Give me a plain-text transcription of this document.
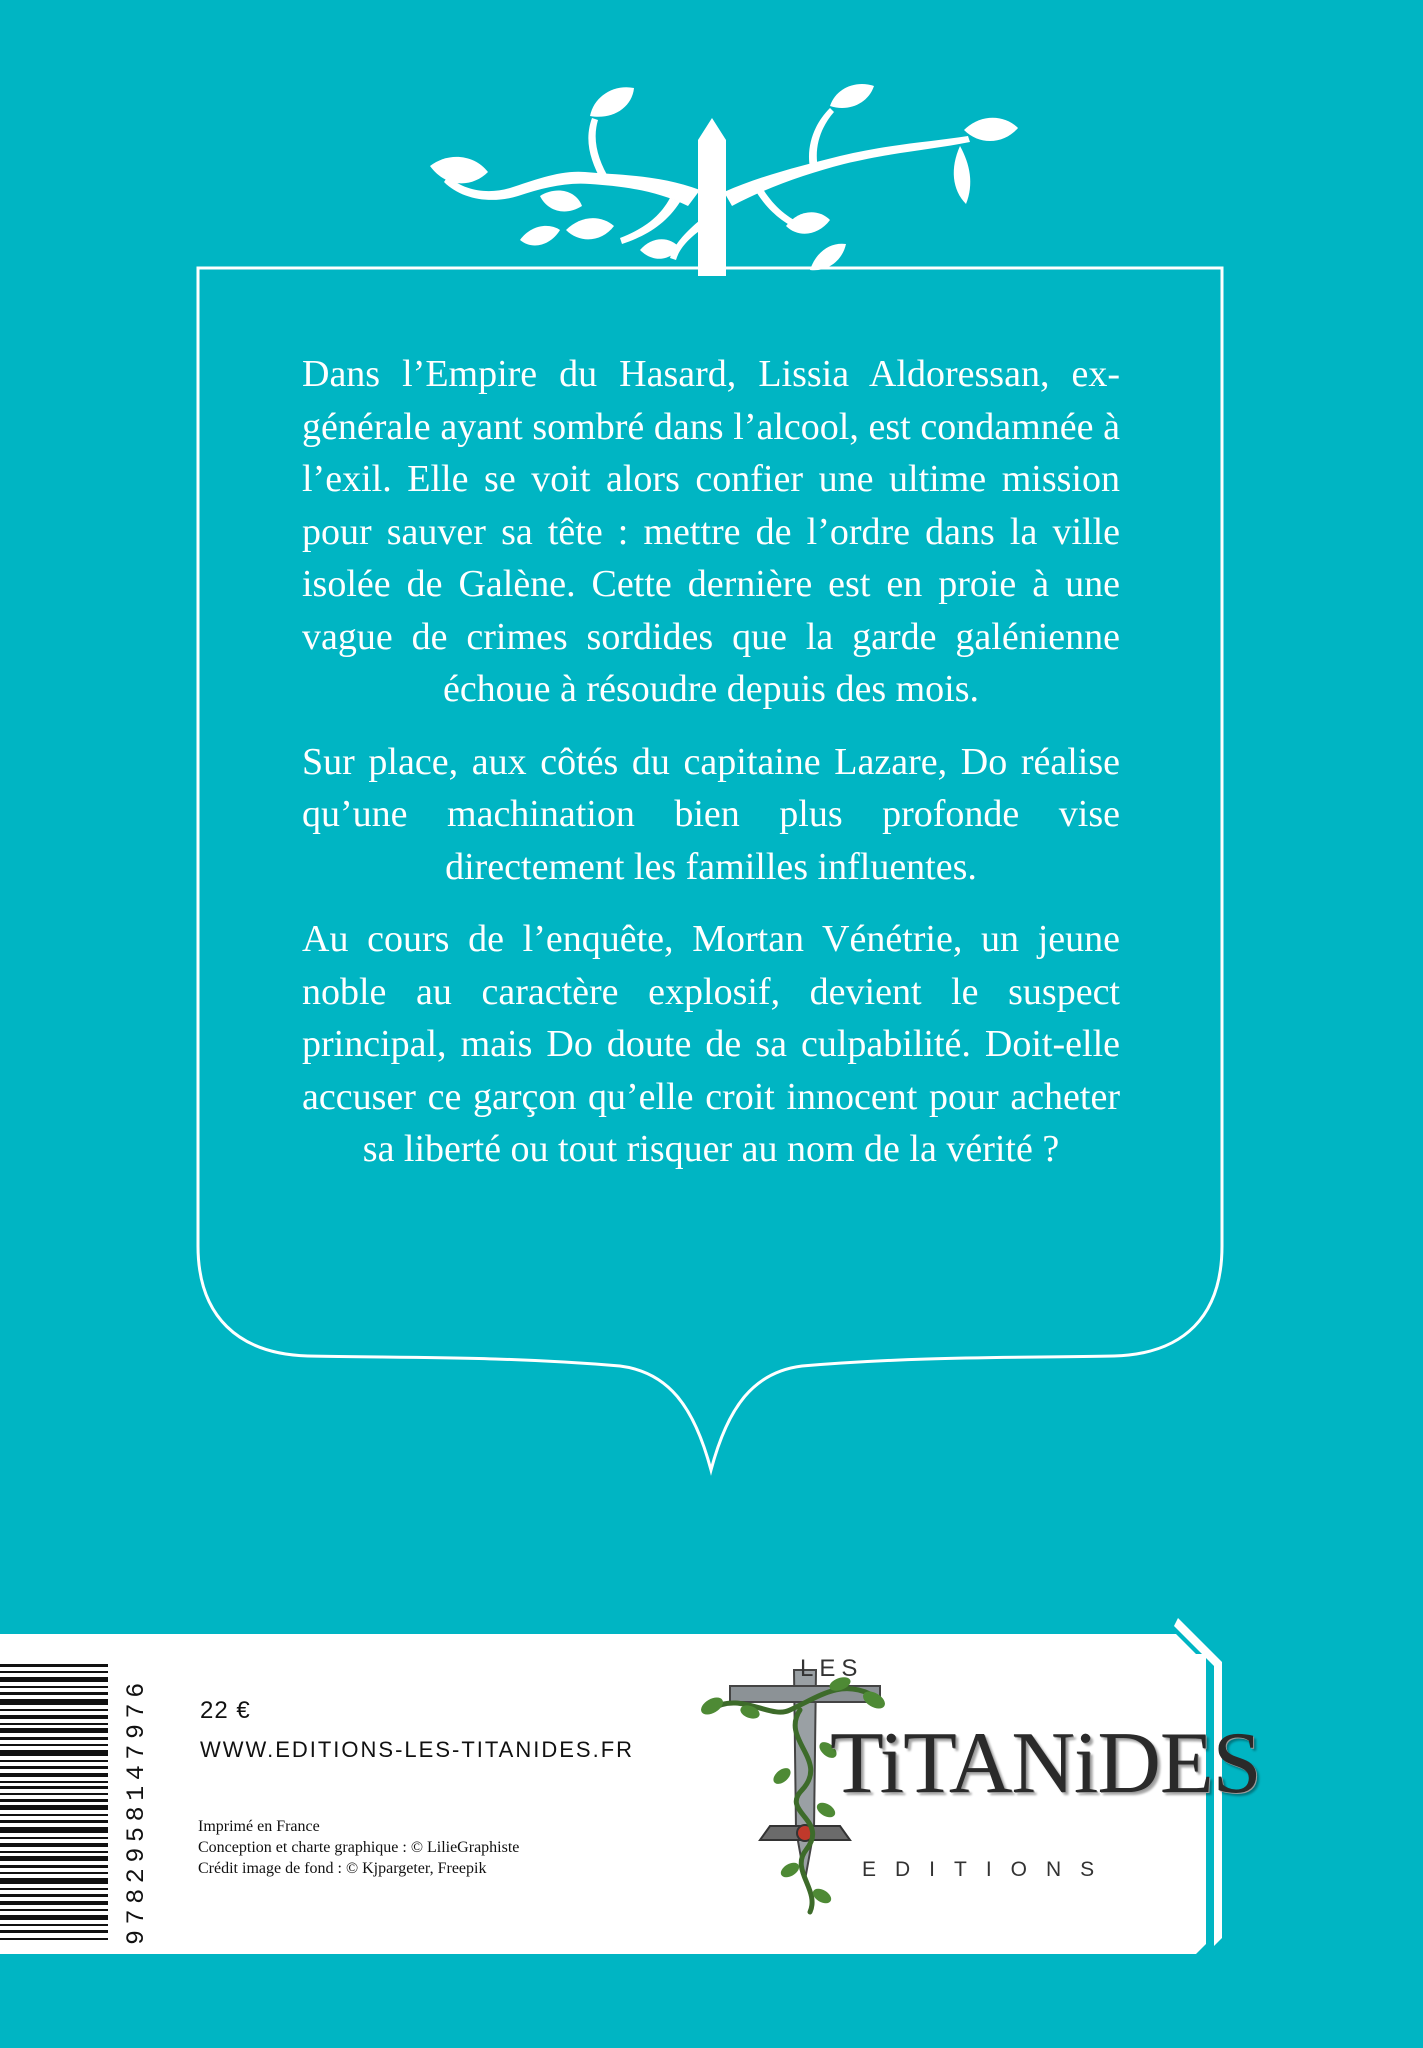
Dans l’Empire du Hasard, Lissia Aldoressan, ex-générale ayant sombré dans l’alcool, est condamnée à l’exil. Elle se voit alors confier une ultime mission pour sauver sa tête : mettre de l’ordre dans la ville isolée de Galène. Cette dernière est en proie à une vague de crimes sordides que la garde galénienne échoue à résoudre depuis des mois.

Sur place, aux côtés du capitaine Lazare, Do réalise qu’une machination bien plus profonde vise directement les familles influentes.

Au cours de l’enquête, Mortan Vénétrie, un jeune noble au caractère explosif, devient le suspect principal, mais Do doute de sa culpabilité. Doit-elle accuser ce garçon qu’elle croit innocent pour acheter sa liberté ou tout risquer au nom de la vérité ?

9782958147976 22 €
WWW.EDITIONS-LES-TITANIDES.FR
Imprimé en France
Conception et charte graphique : © LilieGraphiste
Crédit image de fond : © Kjpargeter, Freepik
LES
TiTANiDES
EDITIONS
